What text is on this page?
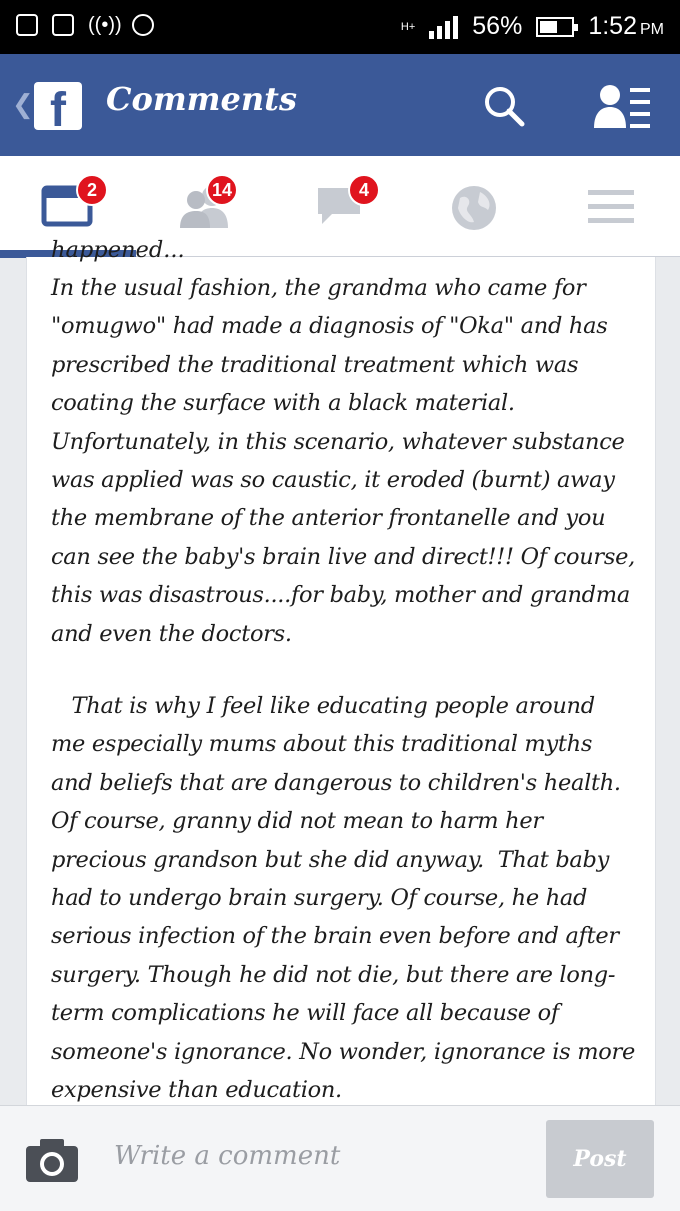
((•))	H+ 56%	1:52 PM
❮ f	Comments
2	14	4
happened...
In the usual fashion, the grandma who came for
"omugwo" had made a diagnosis of "Oka" and has
prescribed the traditional treatment which was
coating the surface with a black material.
Unfortunately, in this scenario, whatever substance
was applied was so caustic, it eroded (burnt) away
the membrane of the anterior frontanelle and you
can see the baby's brain live and direct!!! Of course,
this was disastrous....for baby, mother and grandma
and even the doctors.
That is why I feel like educating people around
me especially mums about this traditional myths
and beliefs that are dangerous to children's health.
Of course, granny did not mean to harm her
precious grandson but she did anyway.  That baby
had to undergo brain surgery. Of course, he had
serious infection of the brain even before and after
surgery. Though he did not die, but there are long-
term complications he will face all because of
someone's ignorance. No wonder, ignorance is more
expensive than education.
Write a comment
Post
